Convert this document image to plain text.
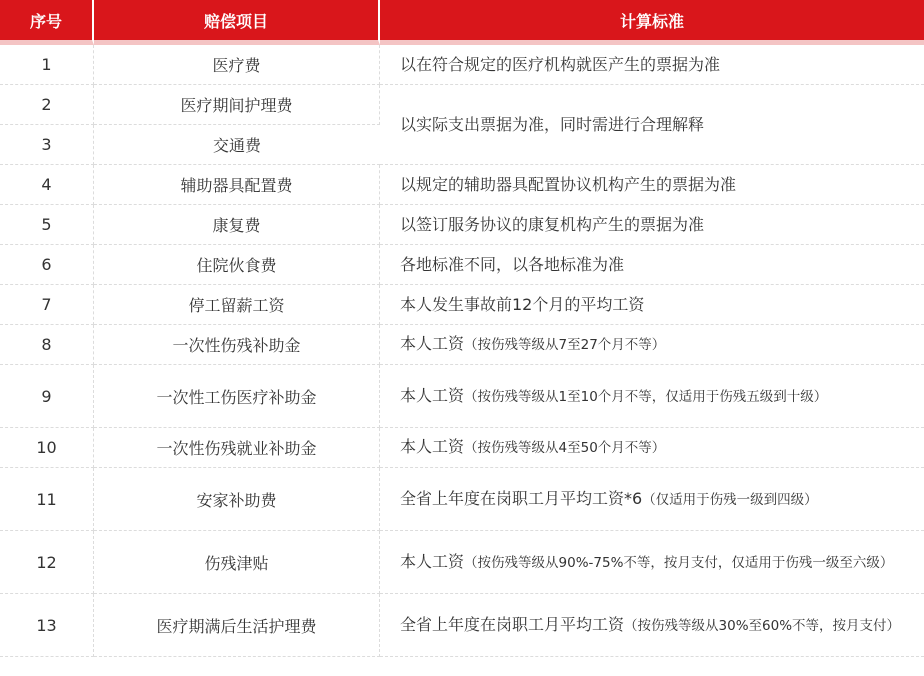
序号	赔偿项目	计算标准
1	医疗费	以在符合规定的医疗机构就医产生的票据为准
2	医疗期间护理费	以实际支出票据为准，同时需进行合理解释
3	交通费	
4	辅助器具配置费	以规定的辅助器具配置协议机构产生的票据为准
5	康复费	以签订服务协议的康复机构产生的票据为准
6	住院伙食费	各地标准不同，以各地标准为准
7	停工留薪工资	本人发生事故前12个月的平均工资
8	一次性伤残补助金	本人工资（按伤残等级从7至27个月不等）
9	一次性工伤医疗补助金	本人工资（按伤残等级从1至10个月不等，仅适用于伤残五级到十级）
10	一次性伤残就业补助金	本人工资（按伤残等级从4至50个月不等）
11	安家补助费	全省上年度在岗职工月平均工资*6（仅适用于伤残一级到四级）
12	伤残津贴	本人工资（按伤残等级从90%-75%不等，按月支付，仅适用于伤残一级至六级）
13	医疗期满后生活护理费	全省上年度在岗职工月平均工资（按伤残等级从30%至60%不等，按月支付）
